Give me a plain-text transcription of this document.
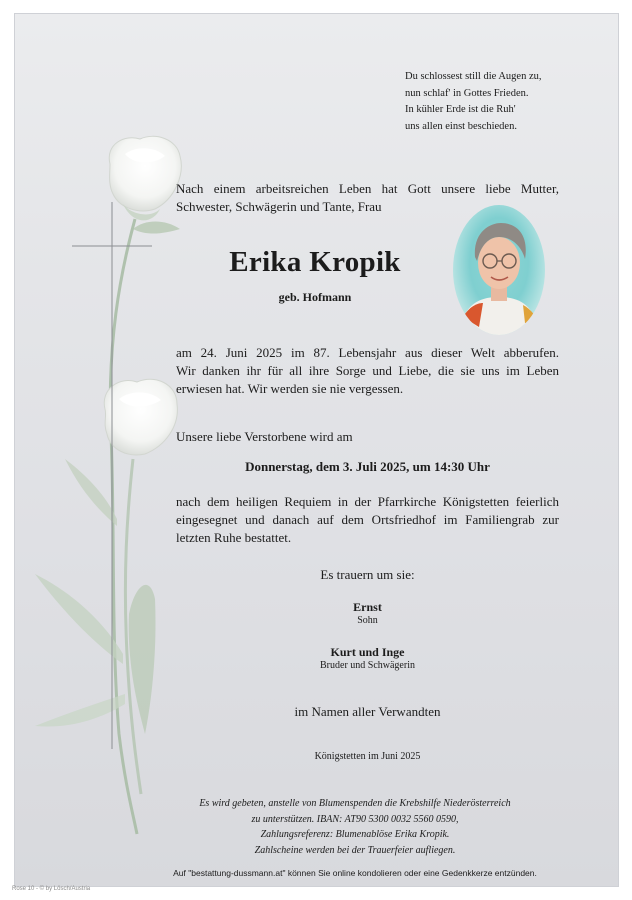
Du schlossest still die Augen zu,
nun schlaf' in Gottes Frieden.
In kühler Erde ist die Ruh'
uns allen einst beschieden.

Nach einem arbeitsreichen Leben hat Gott unsere liebe Mutter,

Schwester, Schwägerin und Tante, Frau

Erika Kropik
geb. Hofmann

am 24. Juni 2025 im 87. Lebensjahr aus dieser Welt abberufen.

Wir danken ihr für all ihre Sorge und Liebe, die sie uns im Leben erwiesen hat. Wir werden sie nie vergessen.

Unsere liebe Verstorbene wird am

Donnerstag, dem 3. Juli 2025, um 14:30 Uhr

nach dem heiligen Requiem in der Pfarrkirche Königstetten feierlich eingesegnet und danach auf dem Ortsfriedhof im Familiengrab zur letzten Ruhe bestattet.

Es trauern um sie:
Ernst
Sohn
Kurt und Inge
Bruder und Schwägerin
im Namen aller Verwandten
Königstetten im Juni 2025
Es wird gebeten, anstelle von Blumenspenden die Krebshilfe Niederösterreich
zu unterstützen. IBAN: AT90 5300 0032 5560 0590,
Zahlungsreferenz: Blumenablöse Erika Kropik.
Zahlscheine werden bei der Trauerfeier aufliegen.
Auf "bestattung-dussmann.at" können Sie online kondolieren oder eine Gedenkkerze entzünden.
Rose 10 - © by Lösch/Austria
